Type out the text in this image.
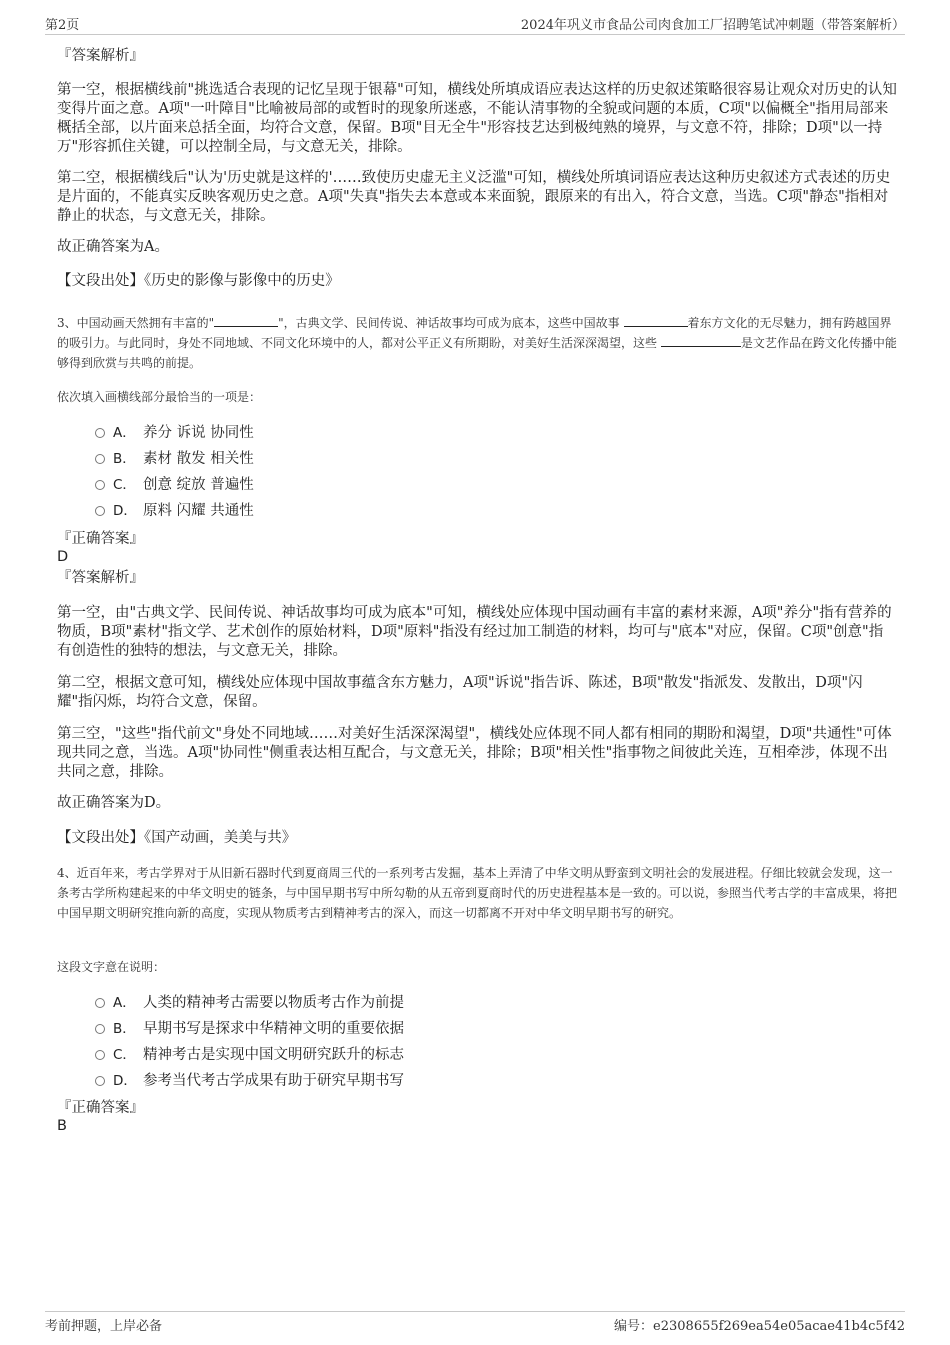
第2页	2024年巩义市食品公司肉食加工厂招聘笔试冲刺题（带答案解析）
『答案解析』
第一空，根据横线前"挑选适合表现的记忆呈现于银幕"可知，横线处所填成语应表达这样的历史叙述策略很容易让观众对历史的认知变得片面之意。A项"一叶障目"比喻被局部的或暂时的现象所迷惑，不能认清事物的全貌或问题的本质，C项"以偏概全"指用局部来概括全部，以片面来总括全面，均符合文意，保留。B项"目无全牛"形容技艺达到极纯熟的境界，与文意不符，排除；D项"以一持万"形容抓住关键，可以控制全局，与文意无关，排除。
第二空，根据横线后"认为'历史就是这样的'……致使历史虚无主义泛滥"可知，横线处所填词语应表达这种历史叙述方式表述的历史是片面的，不能真实反映客观历史之意。A项"失真"指失去本意或本来面貌，跟原来的有出入，符合文意，当选。C项"静态"指相对静止的状态，与文意无关，排除。
故正确答案为A。
【文段出处】《历史的影像与影像中的历史》
3、中国动画天然拥有丰富的"	"，古典文学、民间传说、神话故事均可成为底本，这些中国故事	着东方文化的无尽魅力，拥有跨越国界的吸引力。与此同时，身处不同地域、不同文化环境中的人，都对公平正义有所期盼，对美好生活深深渴望，这些	是文艺作品在跨文化传播中能够得到欣赏与共鸣的前提。
依次填入画横线部分最恰当的一项是：
A． 养分 诉说 协同性
B． 素材 散发 相关性
C． 创意 绽放 普遍性
D． 原料 闪耀 共通性
『正确答案』
D
『答案解析』
第一空，由"古典文学、民间传说、神话故事均可成为底本"可知，横线处应体现中国动画有丰富的素材来源，A项"养分"指有营养的物质，B项"素材"指文学、艺术创作的原始材料，D项"原料"指没有经过加工制造的材料，均可与"底本"对应，保留。C项"创意"指有创造性的独特的想法，与文意无关，排除。
第二空，根据文意可知，横线处应体现中国故事蕴含东方魅力，A项"诉说"指告诉、陈述，B项"散发"指派发、发散出，D项"闪耀"指闪烁，均符合文意，保留。
第三空，"这些"指代前文"身处不同地域……对美好生活深深渴望"，横线处应体现不同人都有相同的期盼和渴望，D项"共通性"可体现共同之意，当选。A项"协同性"侧重表达相互配合，与文意无关，排除；B项"相关性"指事物之间彼此关连，互相牵涉，体现不出共同之意，排除。
故正确答案为D。
【文段出处】《国产动画，美美与共》
4、近百年来，考古学界对于从旧新石器时代到夏商周三代的一系列考古发掘，基本上弄清了中华文明从野蛮到文明社会的发展进程。仔细比较就会发现，这一条考古学所构建起来的中华文明史的链条，与中国早期书写中所勾勒的从五帝到夏商时代的历史进程基本是一致的。可以说，参照当代考古学的丰富成果，将把中国早期文明研究推向新的高度，实现从物质考古到精神考古的深入，而这一切都离不开对中华文明早期书写的研究。
这段文字意在说明：
A． 人类的精神考古需要以物质考古作为前提
B． 早期书写是探求中华精神文明的重要依据
C． 精神考古是实现中国文明研究跃升的标志
D． 参考当代考古学成果有助于研究早期书写
『正确答案』
B
考前押题，上岸必备	编号：e2308655f269ea54e05acae41b4c5f42
